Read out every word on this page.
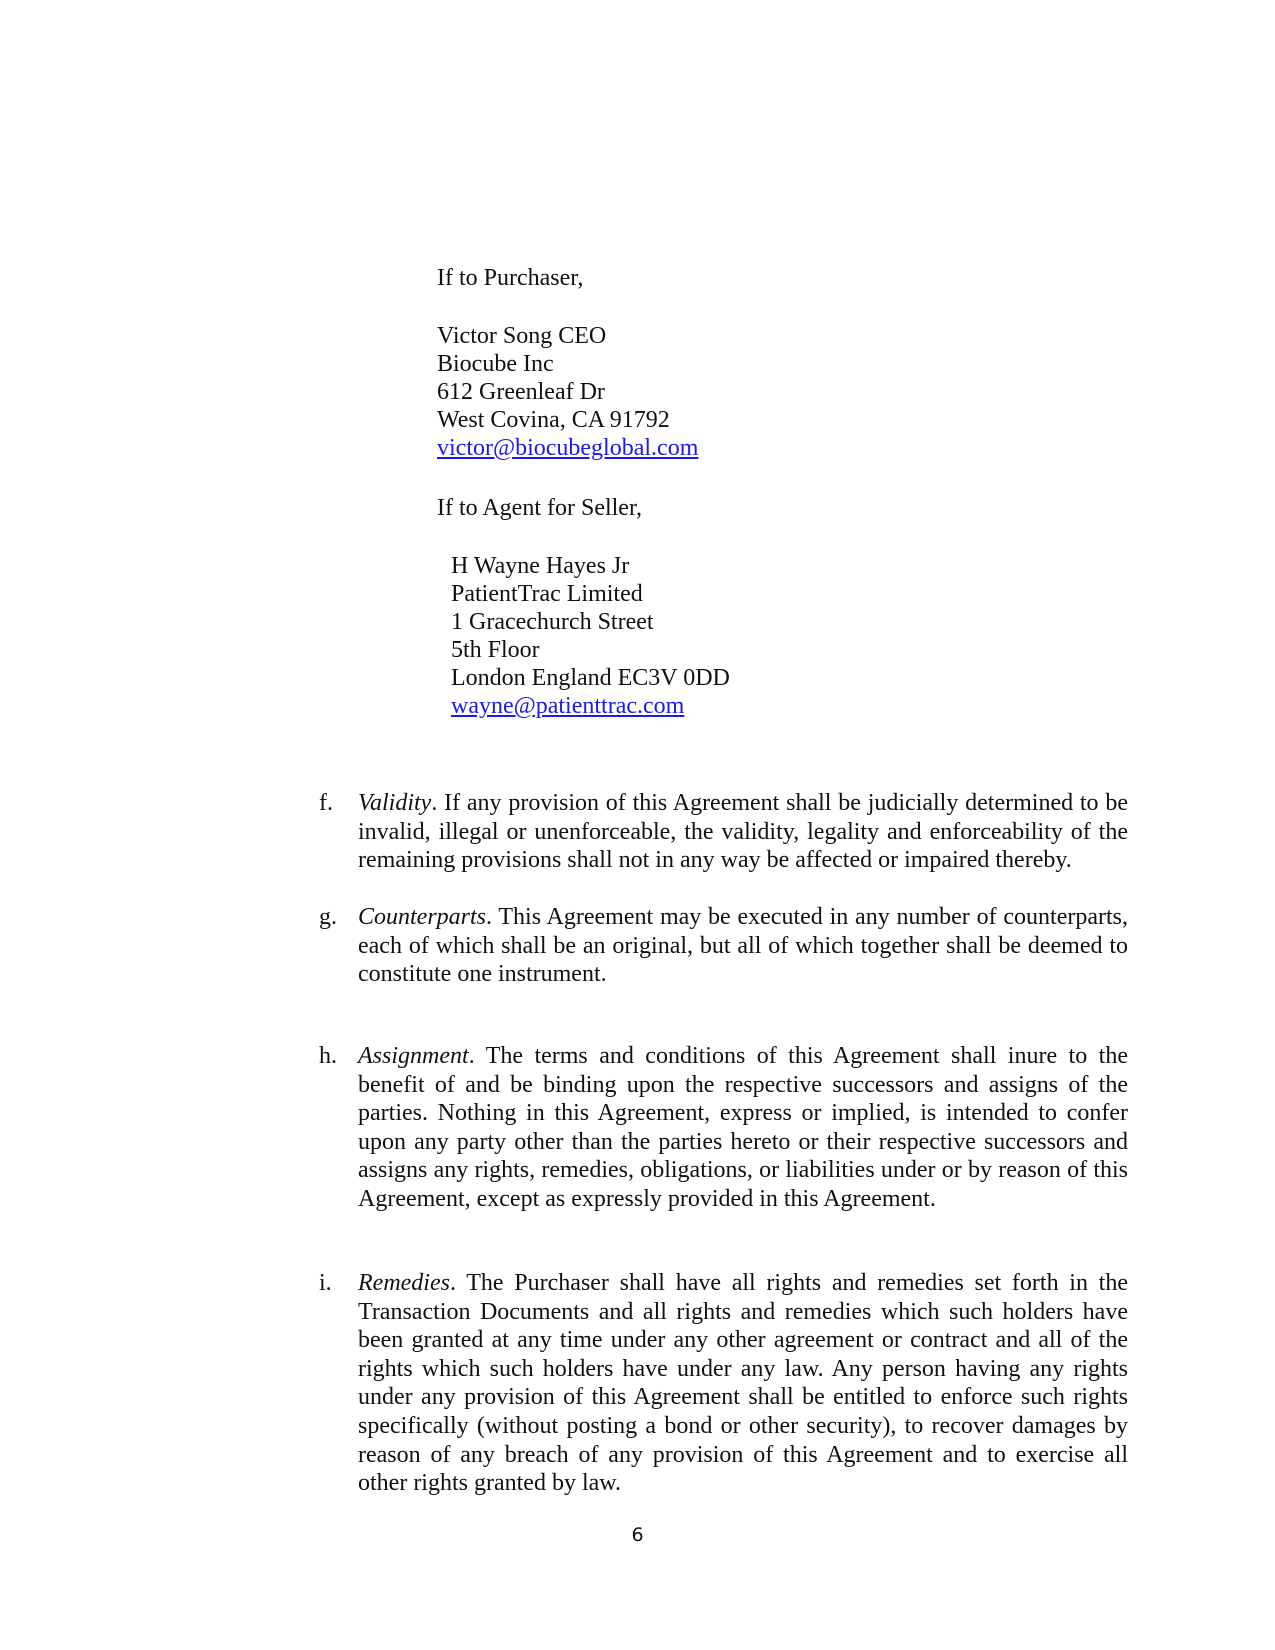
If to Purchaser,
Victor Song CEO
Biocube Inc
612 Greenleaf Dr
West Covina, CA 91792
victor@biocubeglobal.com
If to Agent for Seller,
H Wayne Hayes Jr
PatientTrac Limited
1 Gracechurch Street
5th Floor
London England EC3V 0DD
wayne@patienttrac.com
f. Validity. If any provision of this Agreement shall be judicially determined to be invalid, illegal or unenforceable, the validity, legality and enforceability of the remaining provisions shall not in any way be affected or impaired thereby.
g. Counterparts. This Agreement may be executed in any number of counterparts, each of which shall be an original, but all of which together shall be deemed to constitute one instrument.
h. Assignment. The terms and conditions of this Agreement shall inure to the benefit of and be binding upon the respective successors and assigns of the parties. Nothing in this Agreement, express or implied, is intended to confer upon any party other than the parties hereto or their respective successors and assigns any rights, remedies, obligations, or liabilities under or by reason of this Agreement, except as expressly provided in this Agreement.
i. Remedies. The Purchaser shall have all rights and remedies set forth in the Transaction Documents and all rights and remedies which such holders have been granted at any time under any other agreement or contract and all of the rights which such holders have under any law. Any person having any rights under any provision of this Agreement shall be entitled to enforce such rights specifically (without posting a bond or other security), to recover damages by reason of any breach of any provision of this Agreement and to exercise all other rights granted by law.
6
